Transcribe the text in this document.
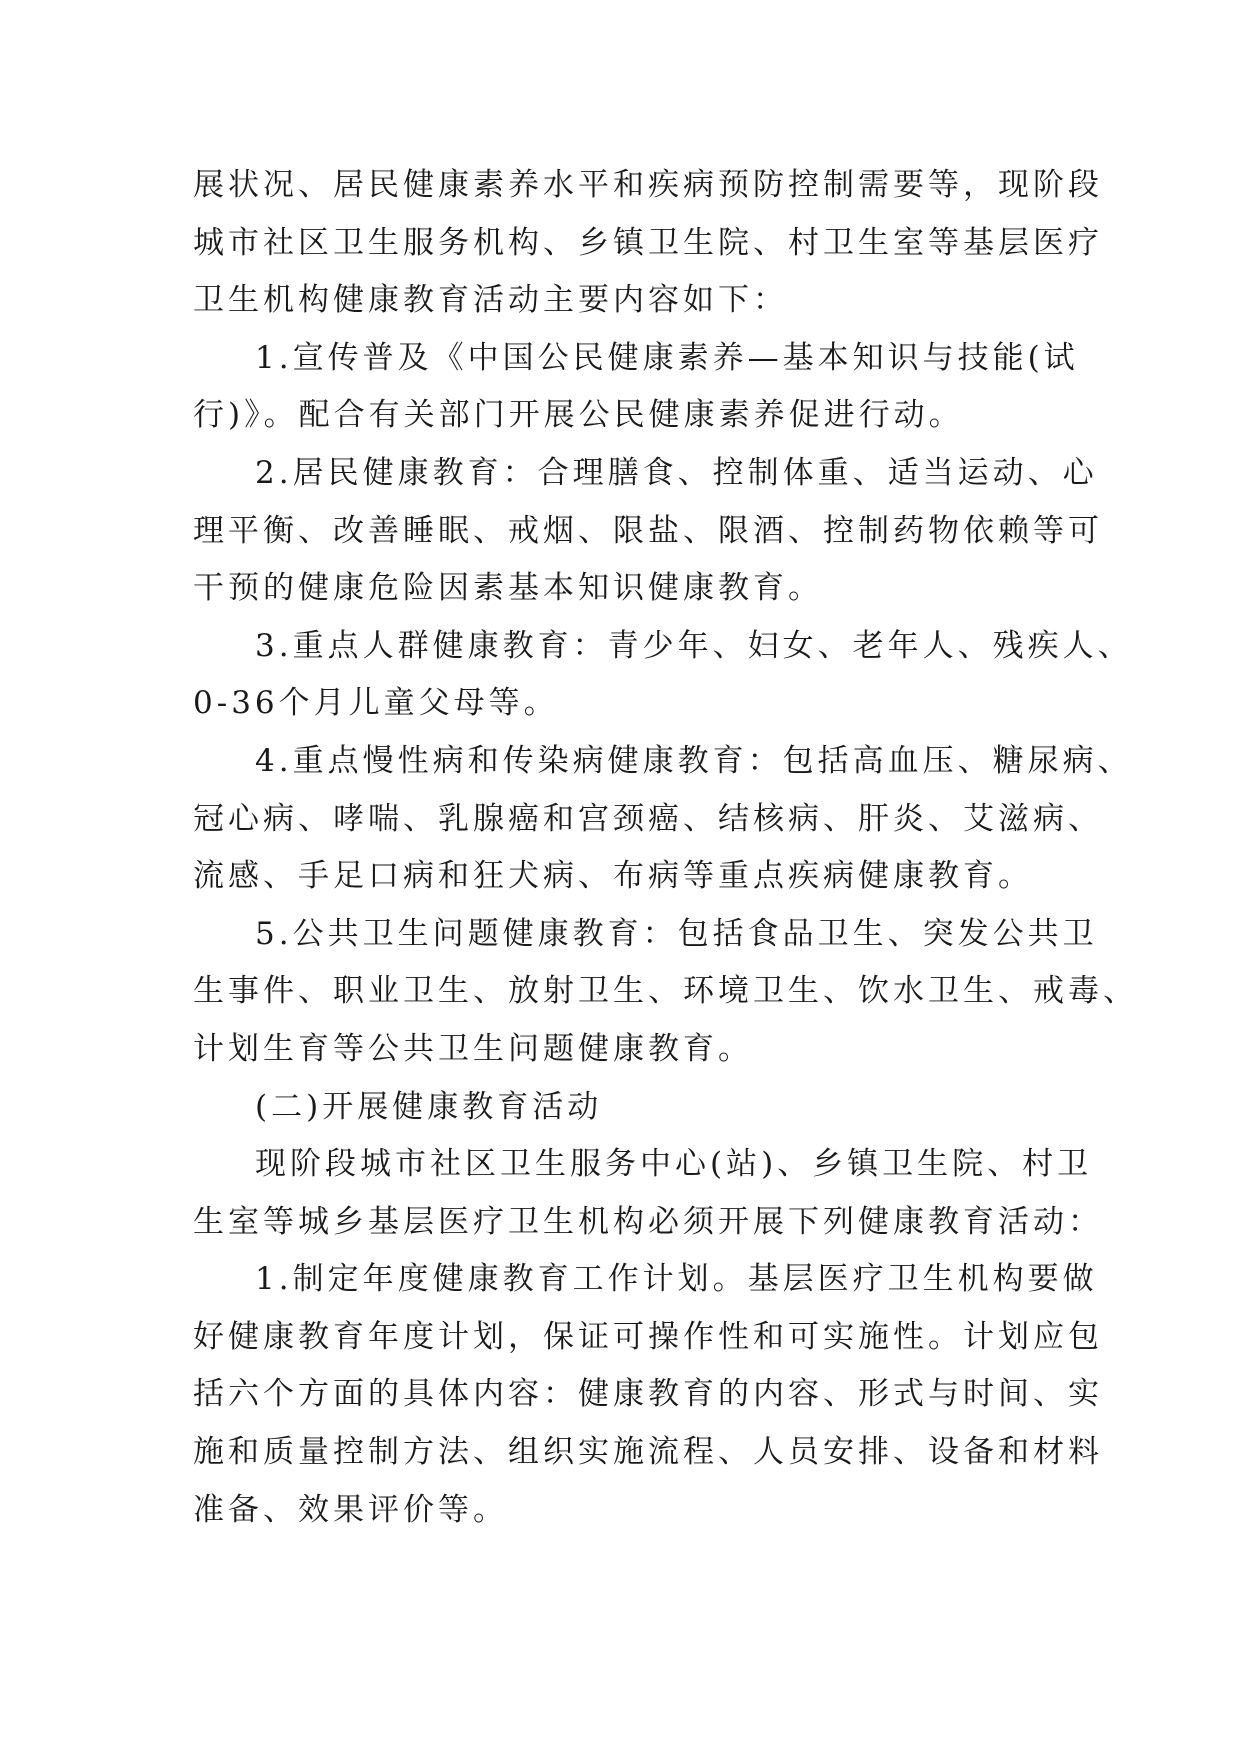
展状况、居民健康素养水平和疾病预防控制需要等，现阶段
城市社区卫生服务机构、乡镇卫生院、村卫生室等基层医疗
卫生机构健康教育活动主要内容如下：
1.宣传普及《中国公民健康素养—基本知识与技能(试
行)》。配合有关部门开展公民健康素养促进行动。
2.居民健康教育：合理膳食、控制体重、适当运动、心
理平衡、改善睡眠、戒烟、限盐、限酒、控制药物依赖等可
干预的健康危险因素基本知识健康教育。
3.重点人群健康教育：青少年、妇女、老年人、残疾人、
0-36个月儿童父母等。
4.重点慢性病和传染病健康教育：包括高血压、糖尿病、
冠心病、哮喘、乳腺癌和宫颈癌、结核病、肝炎、艾滋病、
流感、手足口病和狂犬病、布病等重点疾病健康教育。
5.公共卫生问题健康教育：包括食品卫生、突发公共卫
生事件、职业卫生、放射卫生、环境卫生、饮水卫生、戒毒、
计划生育等公共卫生问题健康教育。
(二)开展健康教育活动
现阶段城市社区卫生服务中心(站)、乡镇卫生院、村卫
生室等城乡基层医疗卫生机构必须开展下列健康教育活动：
1.制定年度健康教育工作计划。基层医疗卫生机构要做
好健康教育年度计划，保证可操作性和可实施性。计划应包
括六个方面的具体内容：健康教育的内容、形式与时间、实
施和质量控制方法、组织实施流程、人员安排、设备和材料
准备、效果评价等。
